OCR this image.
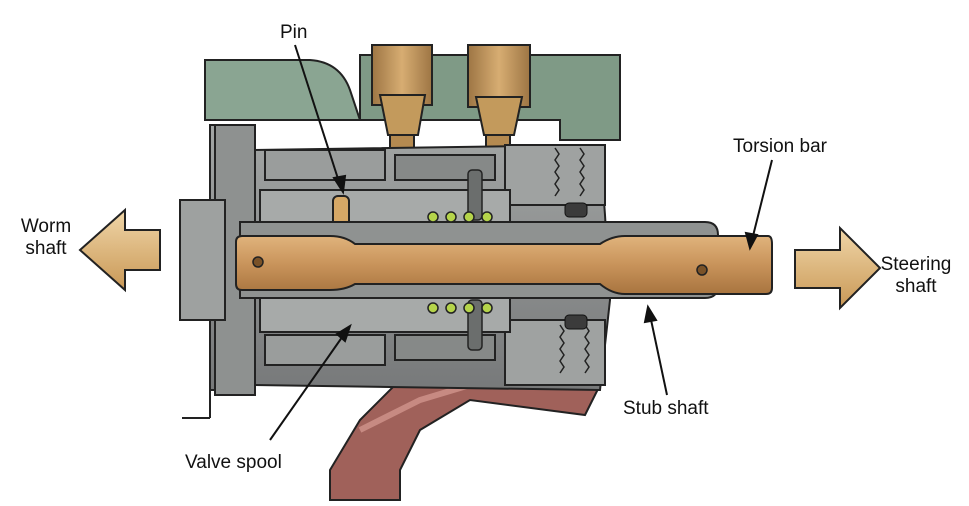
Pin
Torsion bar
Worm
shaft
Steering
shaft
Stub shaft
Valve spool
